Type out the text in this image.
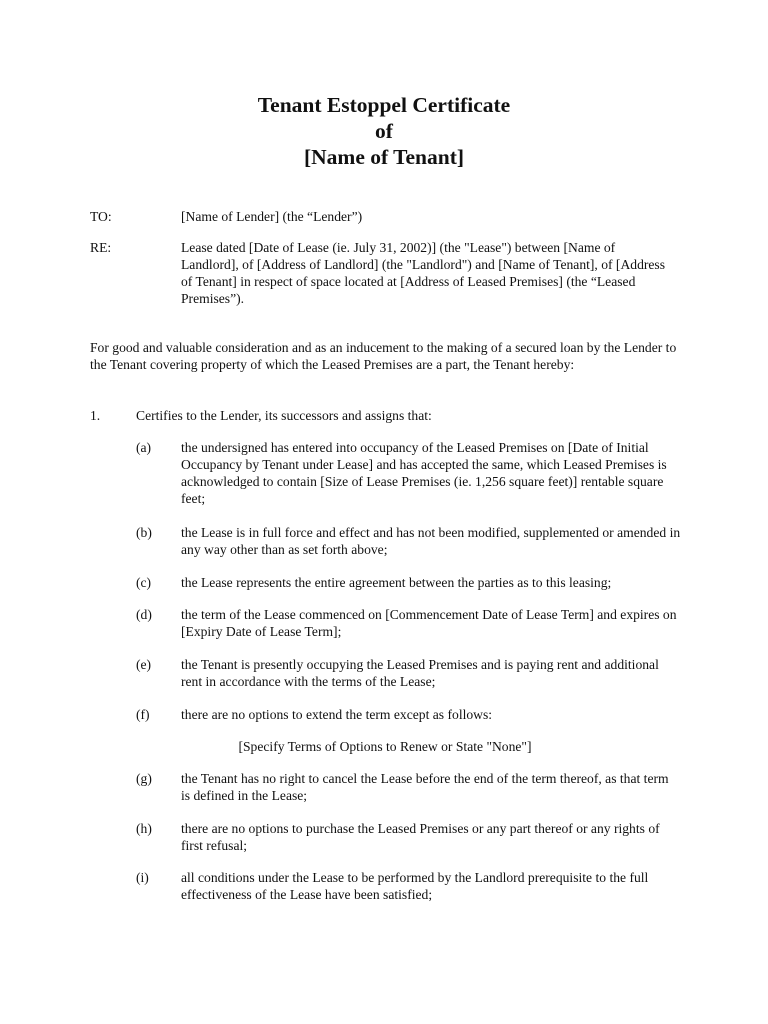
Tenant Estoppel Certificate
of
[Name of Tenant]
TO:	[Name of Lender] (the “Lender”)
RE:	Lease dated [Date of Lease (ie. July 31, 2002)] (the "Lease") between [Name of Landlord], of [Address of Landlord] (the "Landlord") and [Name of Tenant], of [Address of Tenant] in respect of space located at [Address of Leased Premises] (the “Leased Premises”).
For good and valuable consideration and as an inducement to the making of a secured loan by the Lender to the Tenant covering property of which the Leased Premises are a part, the Tenant hereby:
1.	Certifies to the Lender, its successors and assigns that:
(a) the undersigned has entered into occupancy of the Leased Premises on [Date of Initial Occupancy by Tenant under Lease] and has accepted the same, which Leased Premises is acknowledged to contain [Size of Lease Premises (ie. 1,256 square feet)] rentable square feet;
(b) the Lease is in full force and effect and has not been modified, supplemented or amended in any way other than as set forth above;
(c) the Lease represents the entire agreement between the parties as to this leasing;
(d) the term of the Lease commenced on [Commencement Date of Lease Term] and expires on [Expiry Date of Lease Term];
(e) the Tenant is presently occupying the Leased Premises and is paying rent and additional rent in accordance with the terms of the Lease;
(f) there are no options to extend the term except as follows:
[Specify Terms of Options to Renew or State "None"]
(g) the Tenant has no right to cancel the Lease before the end of the term thereof, as that term is defined in the Lease;
(h) there are no options to purchase the Leased Premises or any part thereof or any rights of first refusal;
(i) all conditions under the Lease to be performed by the Landlord prerequisite to the full effectiveness of the Lease have been satisfied;
